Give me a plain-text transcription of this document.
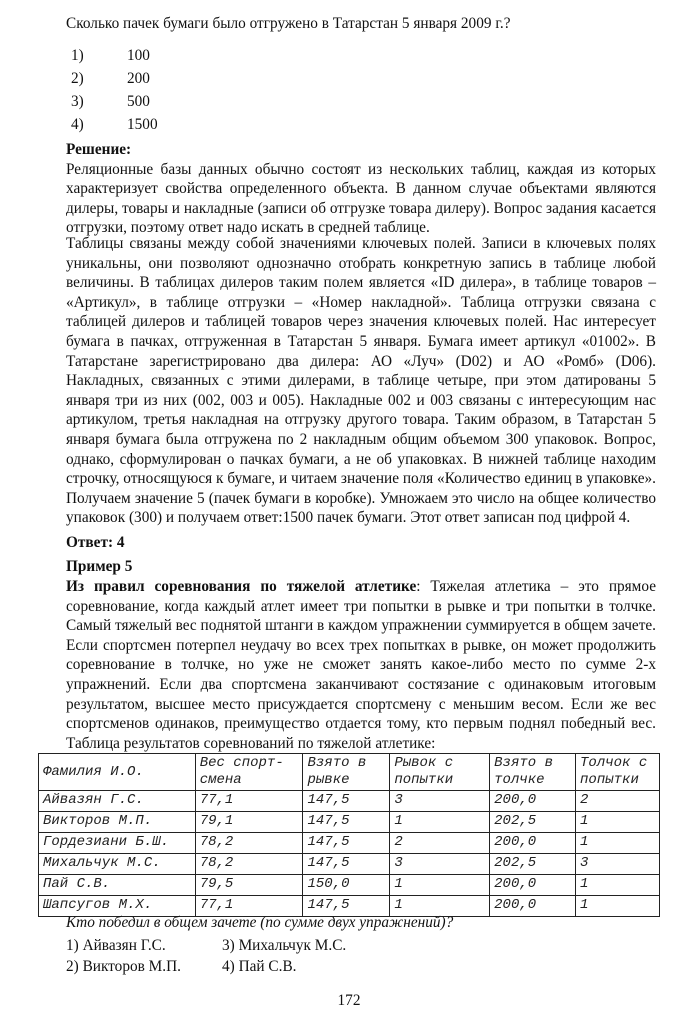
Сколько пачек бумаги было отгружено в Татарстан 5 января 2009 г.?
1)	100
2)	200
3)	500
4)	1500

Решение:

Реляционные базы данных обычно состоят из нескольких таблиц, каждая из которых характеризует свойства определенного объекта. В данном случае объектами являются дилеры, товары и накладные (записи об отгрузке товара дилеру). Вопрос задания касается отгрузки, поэтому ответ надо искать в средней таблице.

Таблицы связаны между собой значениями ключевых полей. Записи в ключевых полях уникальны, они позволяют однозначно отобрать конкретную запись в таблице любой величины. В таблицах дилеров таким полем является «ID дилера», в таблице товаров – «Артикул», в таблице отгрузки – «Номер накладной». Таблица отгрузки связана с таблицей дилеров и таблицей товаров через значения ключевых полей. Нас интересует бумага в пачках, отгруженная в Татарстан 5 января. Бумага имеет артикул «01002». В Татарстане зарегистрировано два дилера: АО «Луч» (D02) и АО «Ромб» (D06). Накладных, связанных с этими дилерами, в таблице четыре, при этом датированы 5 января три из них (002, 003 и 005). Накладные 002 и 003 связаны с интересующим нас артикулом, третья накладная на отгрузку другого товара. Таким образом, в Татарстан 5 января бумага была отгружена по 2 накладным общим объемом 300 упаковок. Вопрос, однако, сформулирован о пачках бумаги, а не об упаковках. В нижней таблице находим строчку, относящуюся к бумаге, и читаем значение поля «Количество единиц в упаковке». Получаем значение 5 (пачек бумаги в коробке). Умножаем это число на общее количество упаковок (300) и получаем ответ:1500 пачек бумаги. Этот ответ записан под цифрой 4.

Ответ: 4
Пример 5

Из правил соревнования по тяжелой атлетике: Тяжелая атлетика – это прямое соревнование, когда каждый атлет имеет три попытки в рывке и три попытки в толчке. Самый тяжелый вес поднятой штанги в каждом упражнении суммируется в общем зачете. Если спортсмен потерпел неудачу во всех трех попытках в рывке, он может продолжить соревнование в толчке, но уже не сможет занять какое-либо место по сумме 2-х упражнений. Если два спортсмена заканчивают состязание с одинаковым итоговым результатом, высшее место присуждается спортсмену с меньшим весом. Если же вес спортсменов одинаков, преимущество отдается тому, кто первым поднял победный вес. Таблица результатов соревнований по тяжелой атлетике:

Фамилия И.О.	Вес спорт-смена	Взято в рывке	Рывок с попытки	Взято в толчке	Толчок с попытки
Айвазян Г.С.	77,1	147,5	3	200,0	2
Викторов М.П.	79,1	147,5	1	202,5	1
Гордезиани Б.Ш.	78,2	147,5	2	200,0	1
Михальчук М.С.	78,2	147,5	3	202,5	3
Пай С.В.	79,5	150,0	1	200,0	1
Шапсугов М.Х.	77,1	147,5	1	200,0	1
Кто победил в общем зачете (по сумме двух упражнений)?
1) Айвазян Г.С.	3) Михальчук М.С.
2) Викторов М.П.	4) Пай С.В.
172
